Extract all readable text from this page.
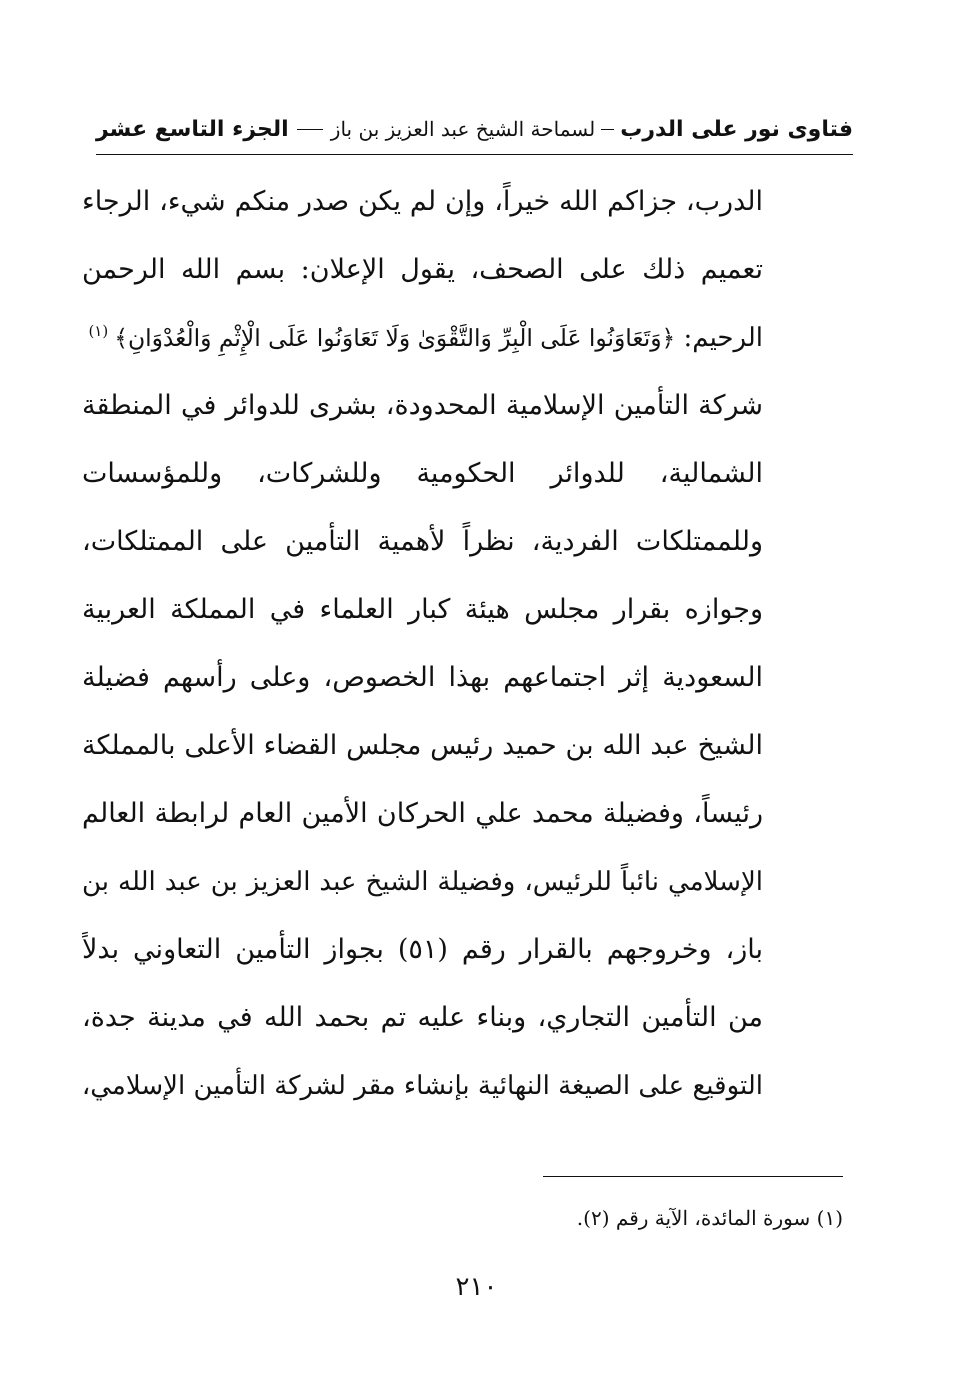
فتاوى نور على الدرب
لسماحة الشيخ عبد العزيز بن باز
الجزء التاسع عشر
الدرب، جزاكم الله خيراً، وإن لم يكن صدر منكم شيء، الرجاء
تعميم ذلك على الصحف، يقول الإعلان: بسم الله الرحمن
الرحيم: ﴿وَتَعَاوَنُوا عَلَى الْبِرِّ وَالتَّقْوَىٰ وَلَا تَعَاوَنُوا عَلَى الْإِثْمِ وَالْعُدْوَانِ﴾$^{(١)}$
شركة التأمين الإسلامية المحدودة، بشرى للدوائر في المنطقة
الشمالية، للدوائر الحكومية وللشركات، وللمؤسسات
وللممتلكات الفردية، نظراً لأهمية التأمين على الممتلكات،
وجوازه بقرار مجلس هيئة كبار العلماء في المملكة العربية
السعودية إثر اجتماعهم بهذا الخصوص، وعلى رأسهم فضيلة
الشيخ عبد الله بن حميد رئيس مجلس القضاء الأعلى بالمملكة
رئيساً، وفضيلة محمد علي الحركان الأمين العام لرابطة العالم
الإسلامي نائباً للرئيس، وفضيلة الشيخ عبد العزيز بن عبد الله بن
باز، وخروجهم بالقرار رقم (٥١) بجواز التأمين التعاوني بدلاً
من التأمين التجاري، وبناء عليه تم بحمد الله في مدينة جدة،
التوقيع على الصيغة النهائية بإنشاء مقر لشركة التأمين الإسلامي،
(١) سورة المائدة، الآية رقم (٢).
٢١٠
